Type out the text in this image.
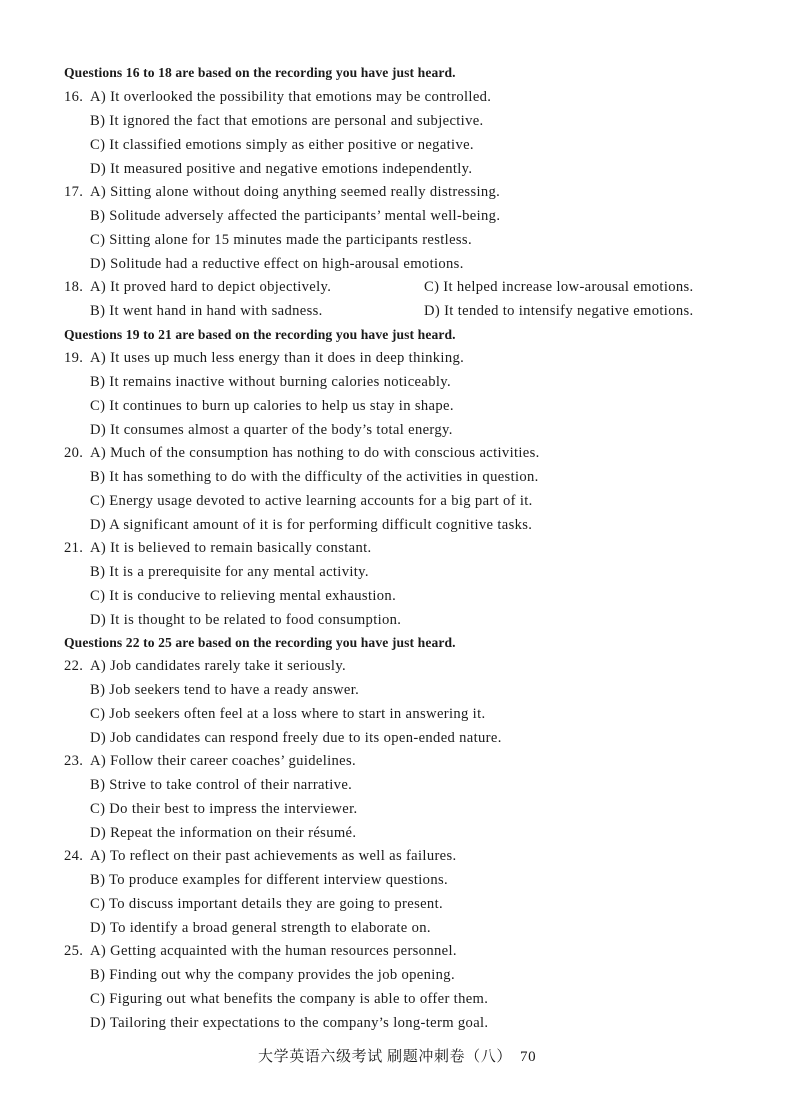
Questions 16 to 18 are based on the recording you have just heard.
16. A) It overlooked the possibility that emotions may be controlled.
B) It ignored the fact that emotions are personal and subjective.
C) It classified emotions simply as either positive or negative.
D) It measured positive and negative emotions independently.
17. A) Sitting alone without doing anything seemed really distressing.
B) Solitude adversely affected the participants’ mental well-being.
C) Sitting alone for 15 minutes made the participants restless.
D) Solitude had a reductive effect on high-arousal emotions.
18. A) It proved hard to depict objectively.	C) It helped increase low-arousal emotions.
B) It went hand in hand with sadness.	D) It tended to intensify negative emotions.
Questions 19 to 21 are based on the recording you have just heard.
19. A) It uses up much less energy than it does in deep thinking.
B) It remains inactive without burning calories noticeably.
C) It continues to burn up calories to help us stay in shape.
D) It consumes almost a quarter of the body’s total energy.
20. A) Much of the consumption has nothing to do with conscious activities.
B) It has something to do with the difficulty of the activities in question.
C) Energy usage devoted to active learning accounts for a big part of it.
D) A significant amount of it is for performing difficult cognitive tasks.
21. A) It is believed to remain basically constant.
B) It is a prerequisite for any mental activity.
C) It is conducive to relieving mental exhaustion.
D) It is thought to be related to food consumption.
Questions 22 to 25 are based on the recording you have just heard.
22. A) Job candidates rarely take it seriously.
B) Job seekers tend to have a ready answer.
C) Job seekers often feel at a loss where to start in answering it.
D) Job candidates can respond freely due to its open-ended nature.
23. A) Follow their career coaches’ guidelines.
B) Strive to take control of their narrative.
C) Do their best to impress the interviewer.
D) Repeat the information on their résumé.
24. A) To reflect on their past achievements as well as failures.
B) To produce examples for different interview questions.
C) To discuss important details they are going to present.
D) To identify a broad general strength to elaborate on.
25. A) Getting acquainted with the human resources personnel.
B) Finding out why the company provides the job opening.
C) Figuring out what benefits the company is able to offer them.
D) Tailoring their expectations to the company’s long-term goal.
大学英语六级考试 刷题冲刺卷（八） 70
